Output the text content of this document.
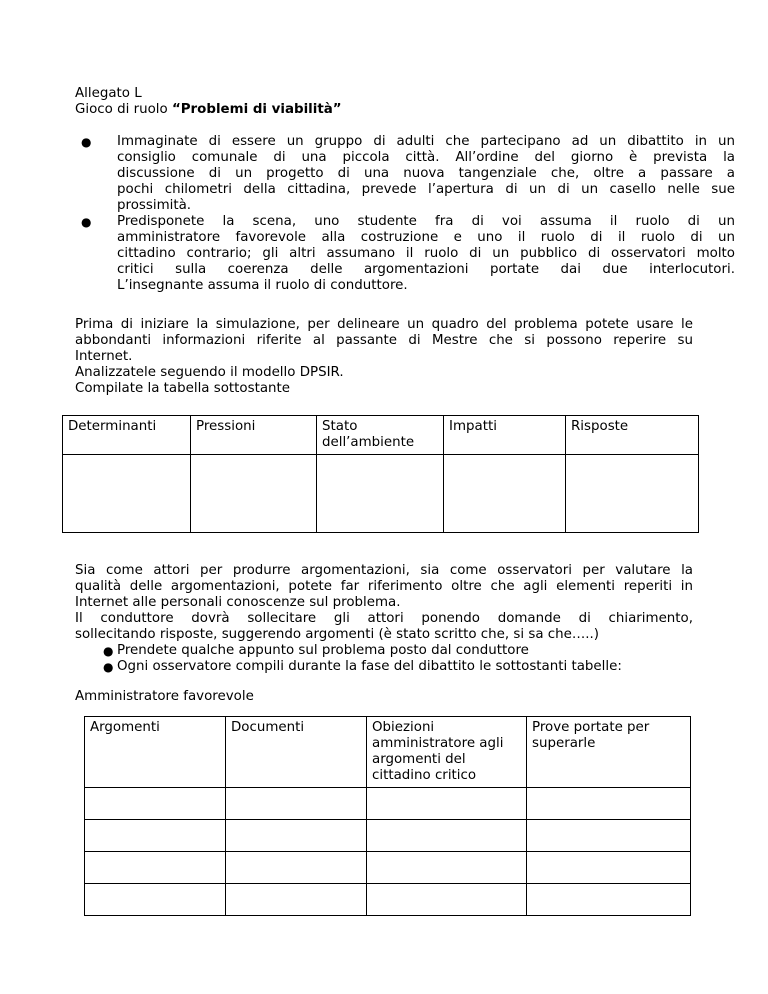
Allegato L
Gioco di ruolo “Problemi di viabilità”
● Immaginate di essere un gruppo di adulti che partecipano ad un dibattito in un
consiglio comunale di una piccola città. All’ordine del giorno è prevista la
discussione di un progetto di una nuova tangenziale che, oltre a passare a
pochi chilometri della cittadina, prevede l’apertura di un di un casello nelle sue
prossimità.
● Predisponete la scena, uno studente fra di voi assuma il ruolo di un
amministratore favorevole alla costruzione e uno il ruolo di il ruolo di un
cittadino contrario; gli altri assumano il ruolo di un pubblico di osservatori molto
critici sulla coerenza delle argomentazioni portate dai due interlocutori.
L’insegnante assuma il ruolo di conduttore.
Prima di iniziare la simulazione, per delineare un quadro del problema potete usare le
abbondanti informazioni riferite al passante di Mestre che si possono reperire su
Internet.
Analizzatele seguendo il modello DPSIR.
Compilate la tabella sottostante
Determinanti	Pressioni	Stato dell’ambiente	Impatti	Risposte

Sia come attori per produrre argomentazioni, sia come osservatori per valutare la
qualità delle argomentazioni, potete far riferimento oltre che agli elementi reperiti in
Internet alle personali conoscenze sul problema.
Il conduttore dovrà sollecitare gli attori ponendo domande di chiarimento,
sollecitando risposte, suggerendo argomenti (è stato scritto che, si sa che…..)
● Prendete qualche appunto sul problema posto dal conduttore
● Ogni osservatore compili durante la fase del dibattito le sottostanti tabelle:
Amministratore favorevole
Argomenti	Documenti	Obiezioni amministratore agli argomenti del cittadino critico	Prove portate per superarle
